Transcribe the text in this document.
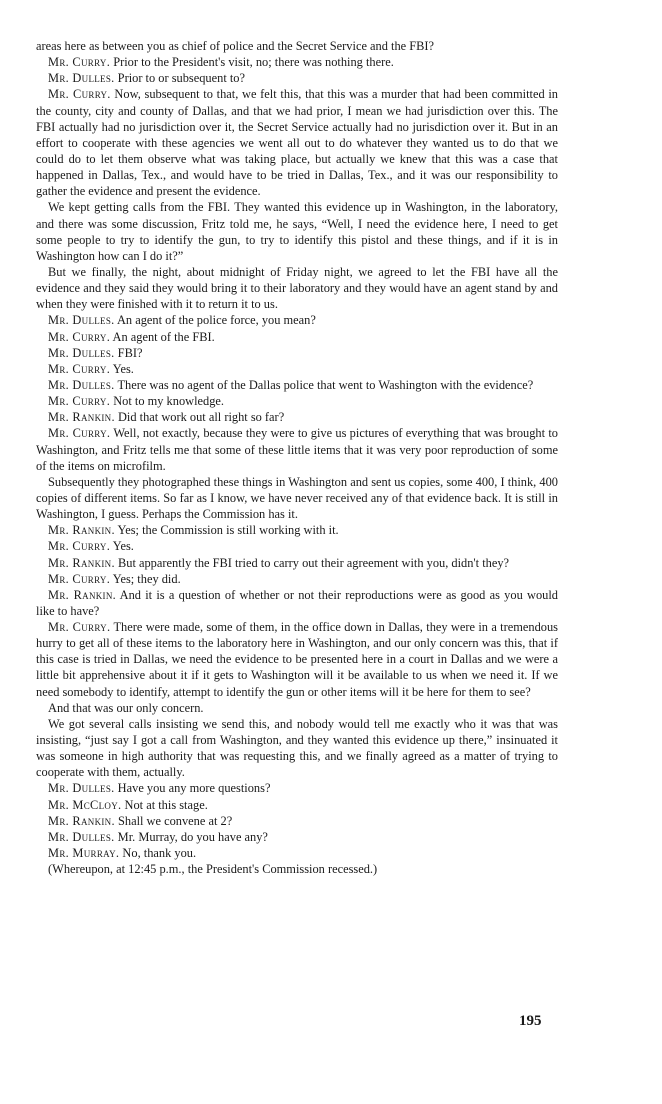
areas here as between you as chief of police and the Secret Service and the FBI?

Mr. Curry. Prior to the President's visit, no; there was nothing there.

Mr. Dulles. Prior to or subsequent to?

Mr. Curry. Now, subsequent to that, we felt this, that this was a murder that had been committed in the county, city and county of Dallas, and that we had prior, I mean we had jurisdiction over this. The FBI actually had no jurisdiction over it, the Secret Service actually had no jurisdiction over it. But in an effort to cooperate with these agencies we went all out to do whatever they wanted us to do that we could do to let them observe what was taking place, but actually we knew that this was a case that happened in Dallas, Tex., and would have to be tried in Dallas, Tex., and it was our responsibility to gather the evidence and present the evidence.

We kept getting calls from the FBI. They wanted this evidence up in Washington, in the laboratory, and there was some discussion, Fritz told me, he says, “Well, I need the evidence here, I need to get some people to try to identify the gun, to try to identify this pistol and these things, and if it is in Washington how can I do it?”

But we finally, the night, about midnight of Friday night, we agreed to let the FBI have all the evidence and they said they would bring it to their laboratory and they would have an agent stand by and when they were finished with it to return it to us.

Mr. Dulles. An agent of the police force, you mean?

Mr. Curry. An agent of the FBI.

Mr. Dulles. FBI?

Mr. Curry. Yes.

Mr. Dulles. There was no agent of the Dallas police that went to Washington with the evidence?

Mr. Curry. Not to my knowledge.

Mr. Rankin. Did that work out all right so far?

Mr. Curry. Well, not exactly, because they were to give us pictures of everything that was brought to Washington, and Fritz tells me that some of these little items that it was very poor reproduction of some of the items on microfilm.

Subsequently they photographed these things in Washington and sent us copies, some 400, I think, 400 copies of different items. So far as I know, we have never received any of that evidence back. It is still in Washington, I guess. Perhaps the Commission has it.

Mr. Rankin. Yes; the Commission is still working with it.

Mr. Curry. Yes.

Mr. Rankin. But apparently the FBI tried to carry out their agreement with you, didn't they?

Mr. Curry. Yes; they did.

Mr. Rankin. And it is a question of whether or not their reproductions were as good as you would like to have?

Mr. Curry. There were made, some of them, in the office down in Dallas, they were in a tremendous hurry to get all of these items to the laboratory here in Washington, and our only concern was this, that if this case is tried in Dallas, we need the evidence to be presented here in a court in Dallas and we were a little bit apprehensive about it if it gets to Washington will it be available to us when we need it. If we need somebody to identify, attempt to identify the gun or other items will it be here for them to see?

And that was our only concern.

We got several calls insisting we send this, and nobody would tell me exactly who it was that was insisting, “just say I got a call from Washington, and they wanted this evidence up there,” insinuated it was someone in high authority that was requesting this, and we finally agreed as a matter of trying to cooperate with them, actually.

Mr. Dulles. Have you any more questions?

Mr. McCloy. Not at this stage.

Mr. Rankin. Shall we convene at 2?

Mr. Dulles. Mr. Murray, do you have any?

Mr. Murray. No, thank you.

(Whereupon, at 12:45 p.m., the President's Commission recessed.)

195
